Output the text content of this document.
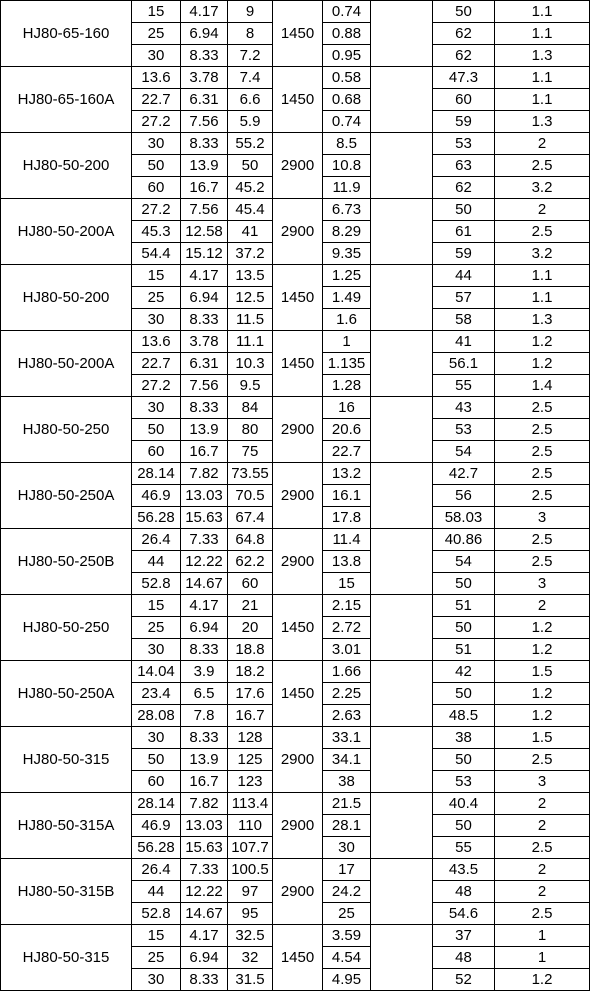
HJ80-65-160	15	4.17	9	1450	0.74		50	1.1
	25	6.94	8		0.88		62	1.1
	30	8.33	7.2		0.95		62	1.3
HJ80-65-160A	13.6	3.78	7.4	1450	0.58		47.3	1.1
	22.7	6.31	6.6		0.68		60	1.1
	27.2	7.56	5.9		0.74		59	1.3
HJ80-50-200	30	8.33	55.2	2900	8.5		53	2
	50	13.9	50		10.8		63	2.5
	60	16.7	45.2		11.9		62	3.2
HJ80-50-200A	27.2	7.56	45.4	2900	6.73		50	2
	45.3	12.58	41		8.29		61	2.5
	54.4	15.12	37.2		9.35		59	3.2
HJ80-50-200	15	4.17	13.5	1450	1.25		44	1.1
	25	6.94	12.5		1.49		57	1.1
	30	8.33	11.5		1.6		58	1.3
HJ80-50-200A	13.6	3.78	11.1	1450	1		41	1.2
	22.7	6.31	10.3		1.135		56.1	1.2
	27.2	7.56	9.5		1.28		55	1.4
HJ80-50-250	30	8.33	84	2900	16		43	2.5
	50	13.9	80		20.6		53	2.5
	60	16.7	75		22.7		54	2.5
HJ80-50-250A	28.14	7.82	73.55	2900	13.2		42.7	2.5
	46.9	13.03	70.5		16.1		56	2.5
	56.28	15.63	67.4		17.8		58.03	3
HJ80-50-250B	26.4	7.33	64.8	2900	11.4		40.86	2.5
	44	12.22	62.2		13.8		54	2.5
	52.8	14.67	60		15		50	3
HJ80-50-250	15	4.17	21	1450	2.15		51	2
	25	6.94	20		2.72		50	1.2
	30	8.33	18.8		3.01		51	1.2
HJ80-50-250A	14.04	3.9	18.2	1450	1.66		42	1.5
	23.4	6.5	17.6		2.25		50	1.2
	28.08	7.8	16.7		2.63		48.5	1.2
HJ80-50-315	30	8.33	128	2900	33.1		38	1.5
	50	13.9	125		34.1		50	2.5
	60	16.7	123		38		53	3
HJ80-50-315A	28.14	7.82	113.4	2900	21.5		40.4	2
	46.9	13.03	110		28.1		50	2
	56.28	15.63	107.7		30		55	2.5
HJ80-50-315B	26.4	7.33	100.5	2900	17		43.5	2
	44	12.22	97		24.2		48	2
	52.8	14.67	95		25		54.6	2.5
HJ80-50-315	15	4.17	32.5	1450	3.59		37	1
	25	6.94	32		4.54		48	1
	30	8.33	31.5		4.95		52	1.2
